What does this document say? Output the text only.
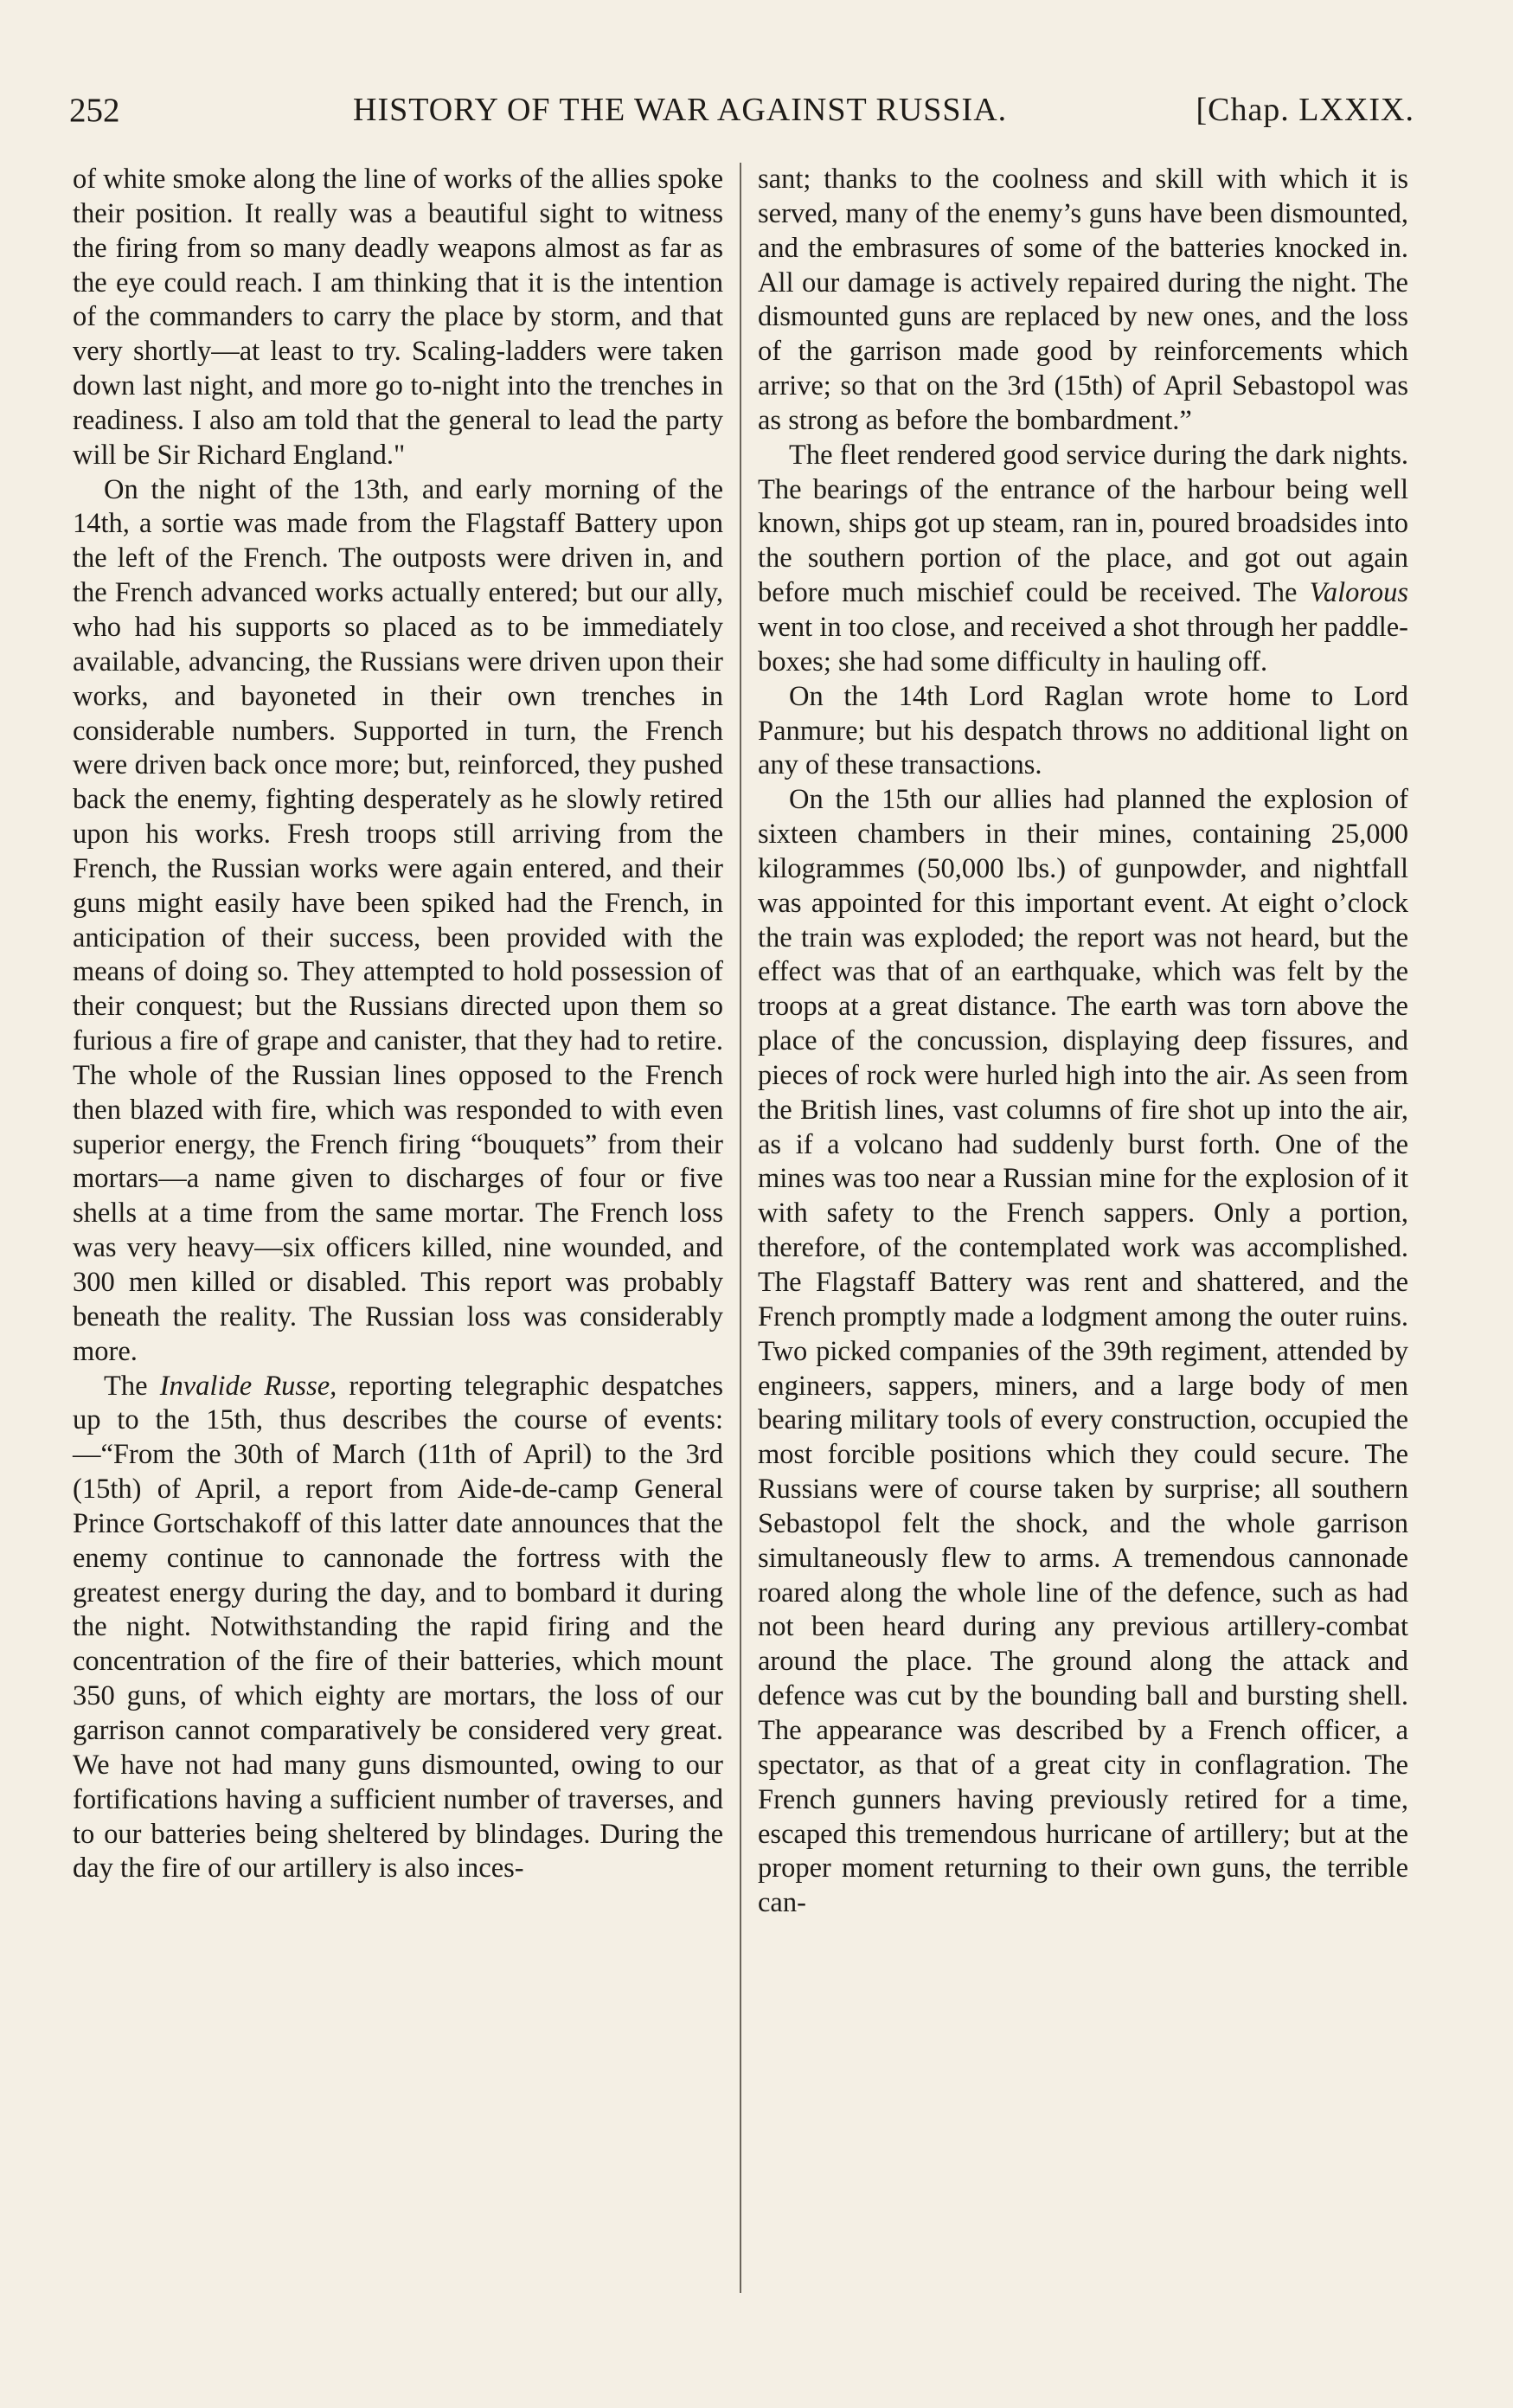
252	HISTORY OF THE WAR AGAINST RUSSIA.	[Chap. LXXIX.

of white smoke along the line of works of the allies spoke their position. It really was a beautiful sight to witness the firing from so many deadly weapons almost as far as the eye could reach. I am thinking that it is the intention of the commanders to carry the place by storm, and that very shortly—at least to try. Scaling-ladders were taken down last night, and more go to-night into the trenches in readiness. I also am told that the general to lead the party will be Sir Richard England."

On the night of the 13th, and early morning of the 14th, a sortie was made from the Flagstaff Battery upon the left of the French. The outposts were driven in, and the French advanced works actually entered; but our ally, who had his supports so placed as to be immediately available, advancing, the Russians were driven upon their works, and bayoneted in their own trenches in considerable numbers. Supported in turn, the French were driven back once more; but, reinforced, they pushed back the enemy, fighting desperately as he slowly retired upon his works. Fresh troops still arriving from the French, the Russian works were again entered, and their guns might easily have been spiked had the French, in anticipation of their success, been provided with the means of doing so. They attempted to hold possession of their conquest; but the Russians directed upon them so furious a fire of grape and canister, that they had to retire. The whole of the Russian lines opposed to the French then blazed with fire, which was responded to with even superior energy, the French firing “bouquets” from their mortars—a name given to discharges of four or five shells at a time from the same mortar. The French loss was very heavy—six officers killed, nine wounded, and 300 men killed or disabled. This report was probably beneath the reality. The Russian loss was considerably more.

The Invalide Russe, reporting telegraphic despatches up to the 15th, thus describes the course of events:—“From the 30th of March (11th of April) to the 3rd (15th) of April, a report from Aide-de-camp General Prince Gortschakoff of this latter date announces that the enemy continue to cannonade the fortress with the greatest energy during the day, and to bombard it during the night. Notwithstanding the rapid firing and the concentration of the fire of their batteries, which mount 350 guns, of which eighty are mortars, the loss of our garrison cannot comparatively be considered very great. We have not had many guns dismounted, owing to our fortifications having a sufficient number of traverses, and to our batteries being sheltered by blindages. During the day the fire of our artillery is also inces-

sant; thanks to the coolness and skill with which it is served, many of the enemy’s guns have been dismounted, and the embrasures of some of the batteries knocked in. All our damage is actively repaired during the night. The dismounted guns are replaced by new ones, and the loss of the garrison made good by reinforcements which arrive; so that on the 3rd (15th) of April Sebastopol was as strong as before the bombardment.”

The fleet rendered good service during the dark nights. The bearings of the entrance of the harbour being well known, ships got up steam, ran in, poured broadsides into the southern portion of the place, and got out again before much mischief could be received. The Valorous went in too close, and received a shot through her paddle-boxes; she had some difficulty in hauling off.

On the 14th Lord Raglan wrote home to Lord Panmure; but his despatch throws no additional light on any of these transactions.

On the 15th our allies had planned the explosion of sixteen chambers in their mines, containing 25,000 kilogrammes (50,000 lbs.) of gunpowder, and nightfall was appointed for this important event. At eight o’clock the train was exploded; the report was not heard, but the effect was that of an earthquake, which was felt by the troops at a great distance. The earth was torn above the place of the concussion, displaying deep fissures, and pieces of rock were hurled high into the air. As seen from the British lines, vast columns of fire shot up into the air, as if a volcano had suddenly burst forth. One of the mines was too near a Russian mine for the explosion of it with safety to the French sappers. Only a portion, therefore, of the contemplated work was accomplished. The Flagstaff Battery was rent and shattered, and the French promptly made a lodgment among the outer ruins. Two picked companies of the 39th regiment, attended by engineers, sappers, miners, and a large body of men bearing military tools of every construction, occupied the most forcible positions which they could secure. The Russians were of course taken by surprise; all southern Sebastopol felt the shock, and the whole garrison simultaneously flew to arms. A tremendous cannonade roared along the whole line of the defence, such as had not been heard during any previous artillery-combat around the place. The ground along the attack and defence was cut by the bounding ball and bursting shell. The appearance was described by a French officer, a spectator, as that of a great city in conflagration. The French gunners having previously retired for a time, escaped this tremendous hurricane of artillery; but at the proper moment returning to their own guns, the terrible can-
